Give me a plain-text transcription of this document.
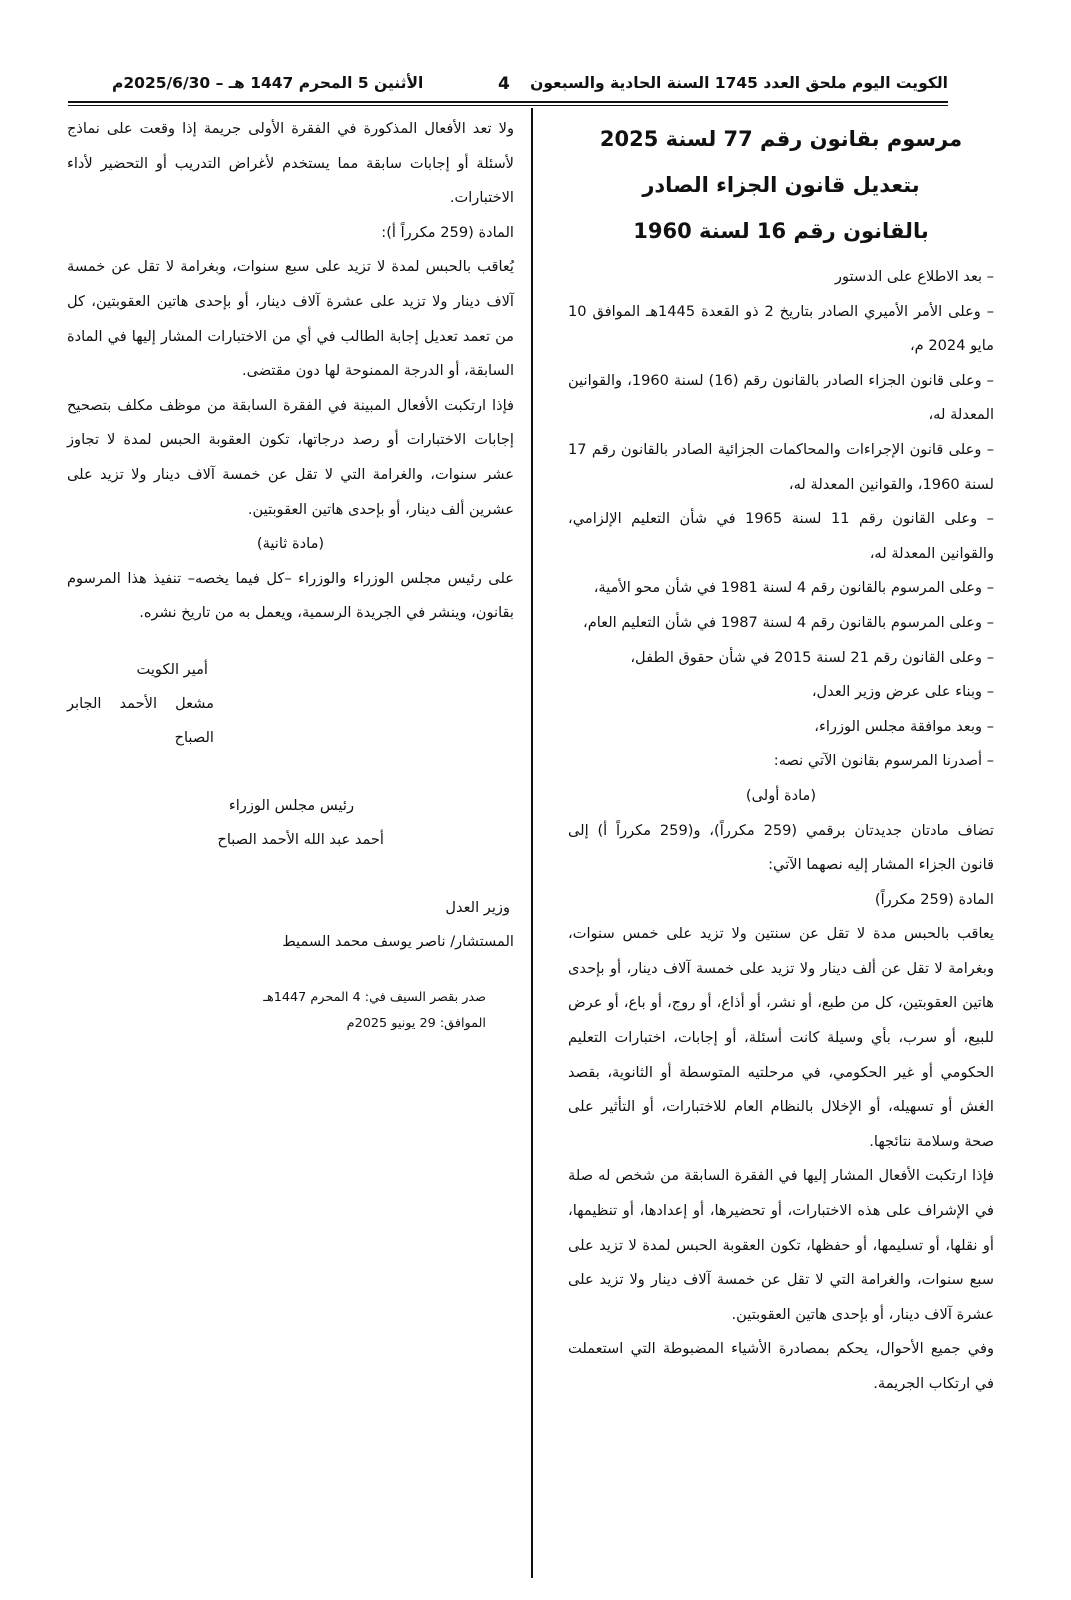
الكويت اليوم ملحق العدد 1745 السنة الحادية والسبعون
4
الأثنين 5 المحرم 1447 هـ – 2025/6/30م

مرسوم بقانون رقم 77 لسنة 2025

بتعديل قانون الجزاء الصادر

بالقانون رقم 16 لسنة 1960

– بعد الاطلاع على الدستور

– وعلى الأمر الأميري الصادر بتاريخ 2 ذو القعدة 1445هـ الموافق 10 مايو 2024 م،

– وعلى قانون الجزاء الصادر بالقانون رقم (16) لسنة 1960، والقوانين المعدلة له،

– وعلى قانون الإجراءات والمحاكمات الجزائية الصادر بالقانون رقم 17 لسنة 1960، والقوانين المعدلة له،

– وعلى القانون رقم 11 لسنة 1965 في شأن التعليم الإلزامي، والقوانين المعدلة له،

– وعلى المرسوم بالقانون رقم 4 لسنة 1981 في شأن محو الأمية،

– وعلى المرسوم بالقانون رقم 4 لسنة 1987 في شأن التعليم العام،

– وعلى القانون رقم 21 لسنة 2015 في شأن حقوق الطفل،

– وبناء على عرض وزير العدل،

– وبعد موافقة مجلس الوزراء،

– أصدرنا المرسوم بقانون الآتي نصه:

(مادة أولى)

تضاف مادتان جديدتان برقمي (259 مكرراً)، و(259 مكرراً أ) إلى قانون الجزاء المشار إليه نصهما الآتي:

المادة (259 مكرراً)

يعاقب بالحبس مدة لا تقل عن سنتين ولا تزيد على خمس سنوات، وبغرامة لا تقل عن ألف دينار ولا تزيد على خمسة آلاف دينار، أو بإحدى هاتين العقوبتين، كل من طبع، أو نشر، أو أذاع، أو روج، أو باع، أو عرض للبيع، أو سرب، بأي وسيلة كانت أسئلة، أو إجابات، اختبارات التعليم الحكومي أو غير الحكومي، في مرحلتيه المتوسطة أو الثانوية، بقصد الغش أو تسهيله، أو الإخلال بالنظام العام للاختبارات، أو التأثير على صحة وسلامة نتائجها.

فإذا ارتكبت الأفعال المشار إليها في الفقرة السابقة من شخص له صلة في الإشراف على هذه الاختبارات، أو تحضيرها، أو إعدادها، أو تنظيمها، أو نقلها، أو تسليمها، أو حفظها، تكون العقوبة الحبس لمدة لا تزيد على سبع سنوات، والغرامة التي لا تقل عن خمسة آلاف دينار ولا تزيد على عشرة آلاف دينار، أو بإحدى هاتين العقوبتين.

وفي جميع الأحوال، يحكم بمصادرة الأشياء المضبوطة التي استعملت في ارتكاب الجريمة.

ولا تعد الأفعال المذكورة في الفقرة الأولى جريمة إذا وقعت على نماذج لأسئلة أو إجابات سابقة مما يستخدم لأغراض التدريب أو التحضير لأداء الاختبارات.

المادة (259 مكرراً أ):

يُعاقب بالحبس لمدة لا تزيد على سبع سنوات، وبغرامة لا تقل عن خمسة آلاف دينار ولا تزيد على عشرة آلاف دينار، أو بإحدى هاتين العقوبتين، كل من تعمد تعديل إجابة الطالب في أي من الاختبارات المشار إليها في المادة السابقة، أو الدرجة الممنوحة لها دون مقتضى.

فإذا ارتكبت الأفعال المبينة في الفقرة السابقة من موظف مكلف بتصحيح إجابات الاختبارات أو رصد درجاتها، تكون العقوبة الحبس لمدة لا تجاوز عشر سنوات، والغرامة التي لا تقل عن خمسة آلاف دينار ولا تزيد على عشرين ألف دينار، أو بإحدى هاتين العقوبتين.

(مادة ثانية)

على رئيس مجلس الوزراء والوزراء –كل فيما يخصه– تنفيذ هذا المرسوم بقانون، وينشر في الجريدة الرسمية، ويعمل به من تاريخ نشره.

أمير الكويت
مشعل الأحمد الجابر الصباح
رئيس مجلس الوزراء
أحمد عبد الله الأحمد الصباح
وزير العدل
المستشار/ ناصر يوسف محمد السميط
صدر بقصر السيف في: 4 المحرم 1447هـ
الموافق: 29 يونيو 2025م
